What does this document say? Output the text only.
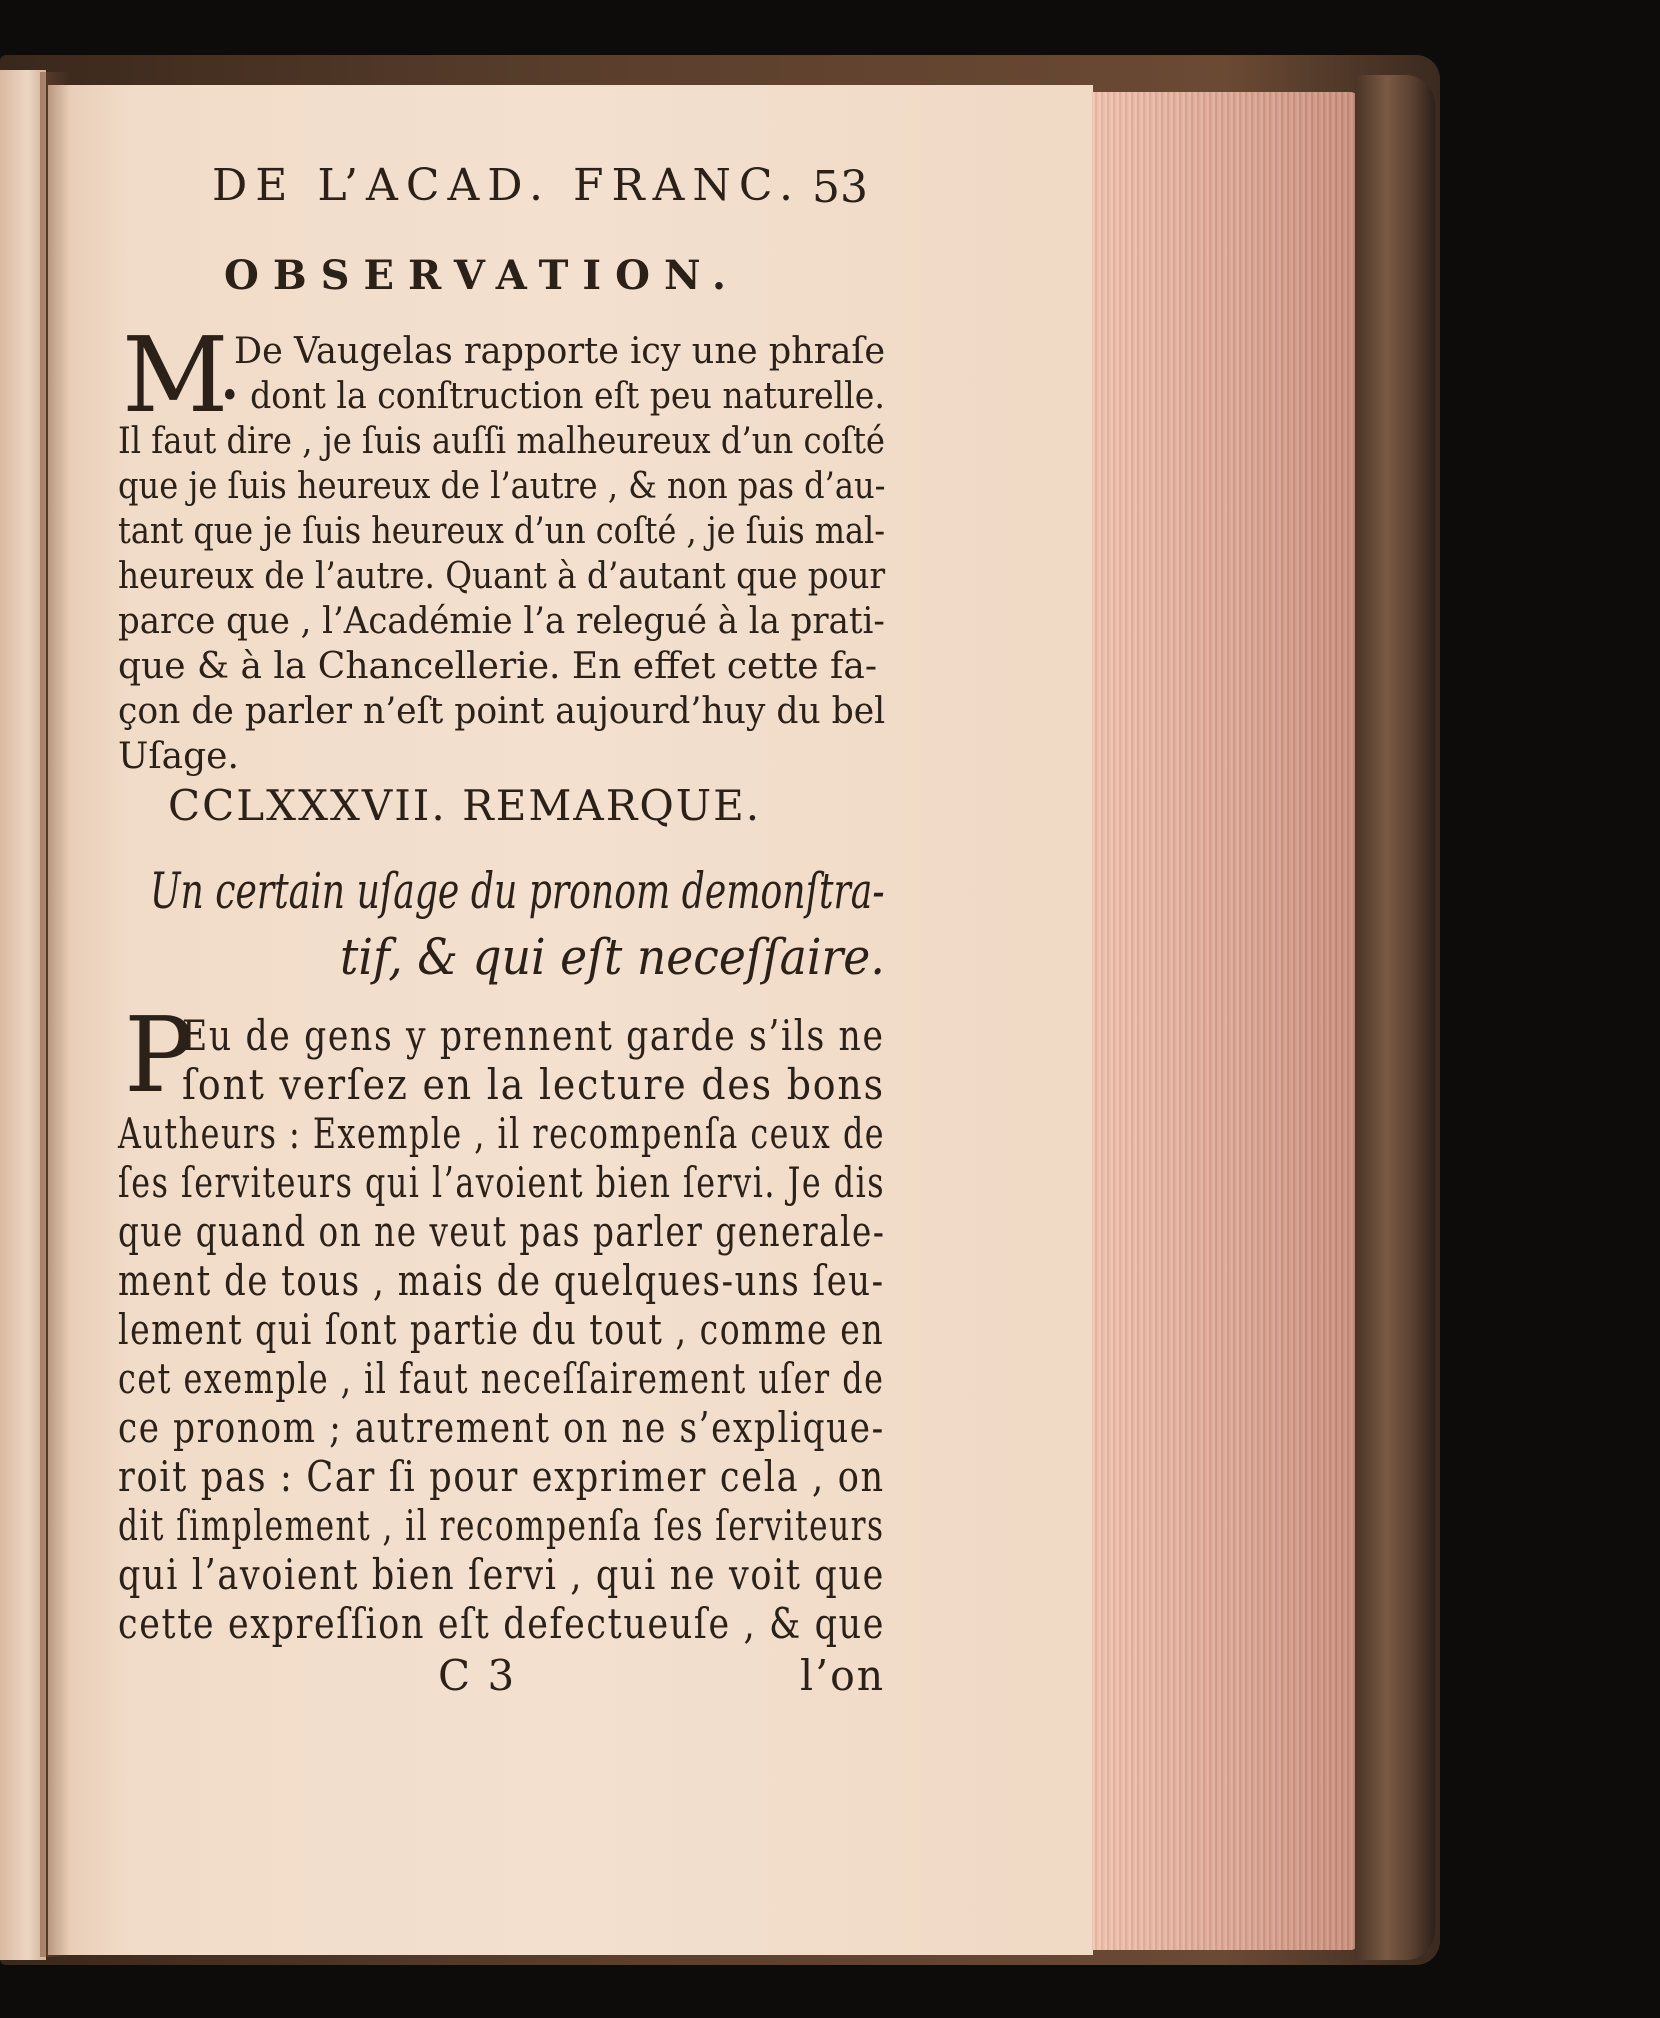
DE L’ACAD. FRANC. 53

OBSERVATION.

M De Vaugelas rapporte icy une phraſe

• dont la conſtruction eſt peu naturelle.

Il faut dire , je ſuis auſſi malheureux d’un coſté

que je ſuis heureux de l’autre , & non pas d’au-

tant que je ſuis heureux d’un coſté , je ſuis mal-

heureux de l’autre. Quant à d’autant que pour

parce que , l’Académie l’a relegué à la prati-

que & à la Chancellerie. En effet cette fa-

çon de parler n’eſt point aujourd’huy du bel

Uſage.

CCLXXXVII. REMARQUE.

Un certain uſage du pronom demonſtra-

tif, & qui eſt neceſſaire.

P

Eu de gens y prennent garde s’ils ne

ſont verſez en la lecture des bons

Autheurs : Exemple , il recompenſa ceux de

ſes ſerviteurs qui l’avoient bien ſervi. Je dis

que quand on ne veut pas parler generale-

ment de tous , mais de quelques-uns ſeu-

lement qui ſont partie du tout , comme en

cet exemple , il faut neceſſairement uſer de

ce pronom ; autrement on ne s’explique-

roit pas : Car ſi pour exprimer cela , on

dit ſimplement , il recompenſa ſes ſerviteurs

qui l’avoient bien ſervi , qui ne voit que

cette expreſſion eſt defectueuſe , & que

C 3	l’on
